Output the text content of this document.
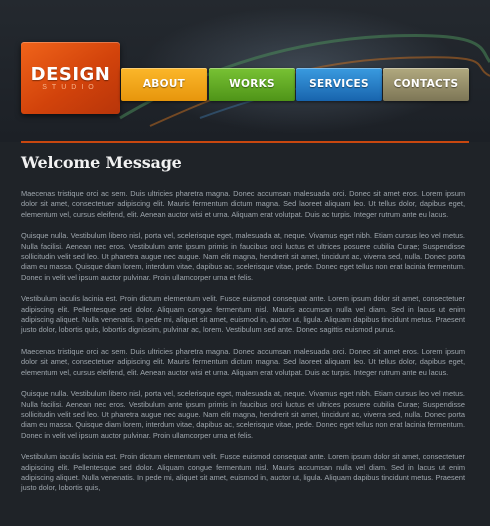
DESIGN
STUDIO	ABOUT	WORKS	SERVICES	CONTACTS
Welcome Message

Maecenas tristique orci ac sem. Duis ultricies pharetra magna. Donec accumsan malesuada orci. Donec sit amet eros. Lorem ipsum dolor sit amet, consectetuer adipiscing elit. Mauris fermentum dictum magna. Sed laoreet aliquam leo. Ut tellus dolor, dapibus eget, elementum vel, cursus eleifend, elit. Aenean auctor wisi et urna. Aliquam erat volutpat. Duis ac turpis. Integer rutrum ante eu lacus.

Quisque nulla. Vestibulum libero nisl, porta vel, scelerisque eget, malesuada at, neque. Vivamus eget nibh. Etiam cursus leo vel metus. Nulla facilisi. Aenean nec eros. Vestibulum ante ipsum primis in faucibus orci luctus et ultrices posuere cubilia Curae; Suspendisse sollicitudin velit sed leo. Ut pharetra augue nec augue. Nam elit magna, hendrerit sit amet, tincidunt ac, viverra sed, nulla. Donec porta diam eu massa. Quisque diam lorem, interdum vitae, dapibus ac, scelerisque vitae, pede. Donec eget tellus non erat lacinia fermentum. Donec in velit vel ipsum auctor pulvinar. Proin ullamcorper urna et felis.

Vestibulum iaculis lacinia est. Proin dictum elementum velit. Fusce euismod consequat ante. Lorem ipsum dolor sit amet, consectetuer adipiscing elit. Pellentesque sed dolor. Aliquam congue fermentum nisl. Mauris accumsan nulla vel diam. Sed in lacus ut enim adipiscing aliquet. Nulla venenatis. In pede mi, aliquet sit amet, euismod in, auctor ut, ligula. Aliquam dapibus tincidunt metus. Praesent justo dolor, lobortis quis, lobortis dignissim, pulvinar ac, lorem. Vestibulum sed ante. Donec sagittis euismod purus.

Maecenas tristique orci ac sem. Duis ultricies pharetra magna. Donec accumsan malesuada orci. Donec sit amet eros. Lorem ipsum dolor sit amet, consectetuer adipiscing elit. Mauris fermentum dictum magna. Sed laoreet aliquam leo. Ut tellus dolor, dapibus eget, elementum vel, cursus eleifend, elit. Aenean auctor wisi et urna. Aliquam erat volutpat. Duis ac turpis. Integer rutrum ante eu lacus.

Quisque nulla. Vestibulum libero nisl, porta vel, scelerisque eget, malesuada at, neque. Vivamus eget nibh. Etiam cursus leo vel metus. Nulla facilisi. Aenean nec eros. Vestibulum ante ipsum primis in faucibus orci luctus et ultrices posuere cubilia Curae; Suspendisse sollicitudin velit sed leo. Ut pharetra augue nec augue. Nam elit magna, hendrerit sit amet, tincidunt ac, viverra sed, nulla. Donec porta diam eu massa. Quisque diam lorem, interdum vitae, dapibus ac, scelerisque vitae, pede. Donec eget tellus non erat lacinia fermentum. Donec in velit vel ipsum auctor pulvinar. Proin ullamcorper urna et felis.

Vestibulum iaculis lacinia est. Proin dictum elementum velit. Fusce euismod consequat ante. Lorem ipsum dolor sit amet, consectetuer adipiscing elit. Pellentesque sed dolor. Aliquam congue fermentum nisl. Mauris accumsan nulla vel diam. Sed in lacus ut enim adipiscing aliquet. Nulla venenatis. In pede mi, aliquet sit amet, euismod in, auctor ut, ligula. Aliquam dapibus tincidunt metus. Praesent justo dolor, lobortis quis,
